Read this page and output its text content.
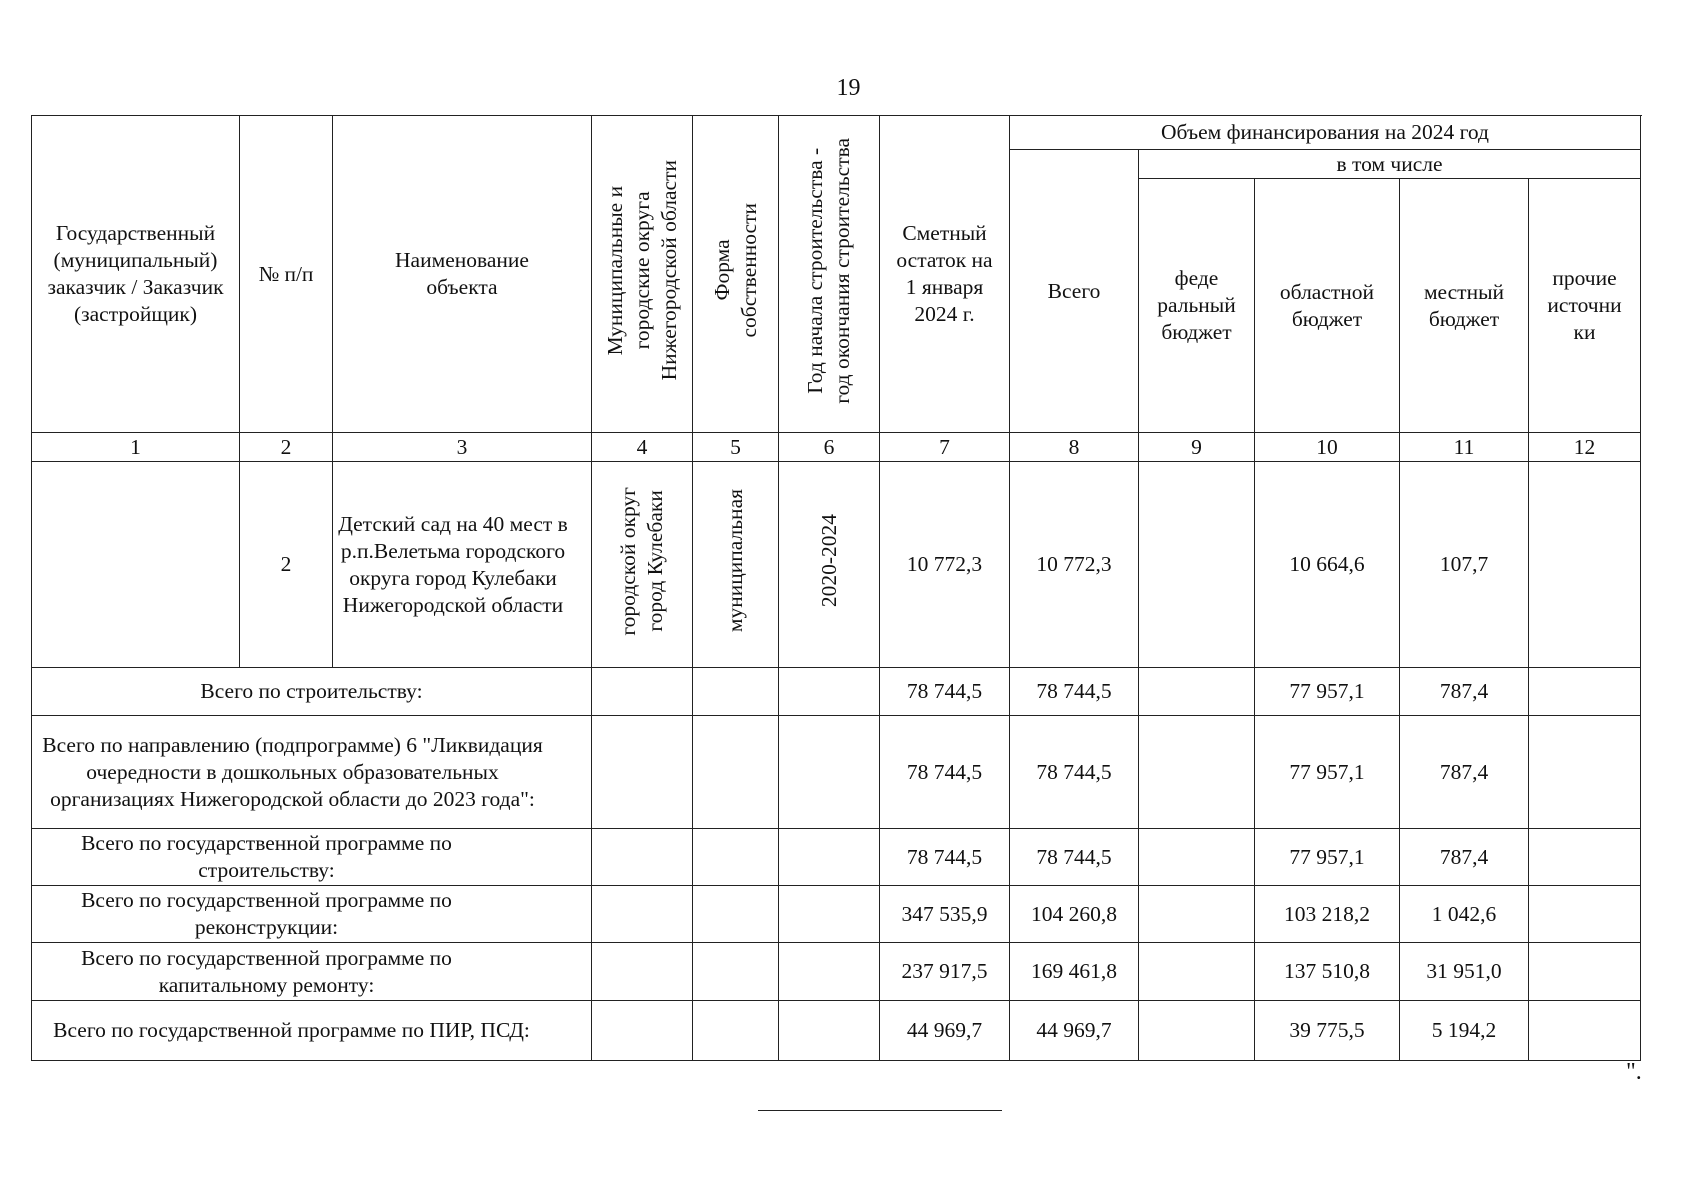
19
Государственный (муниципальный) заказчик / Заказчик (застройщик)	№ п/п	Наименование объекта	Муниципальные и городские округа Нижегородской области	Форма собственности	Год начала строительства - год окончания строительства	Сметный остаток на 1 января 2024 г.	Объем финансирования на 2024 год				
							Всего	в том числе			
								феде ральный бюджет	областной бюджет	местный бюджет	прочие источни ки
1	2	3	4	5	6	7	8	9	10	11	12
	2	Детский сад на 40 мест в р.п.Велетьма городского округа город Кулебаки Нижегородской области	городской округ город Кулебаки	муниципальная	2020-2024	10 772,3	10 772,3		10 664,6	107,7	
Всего по строительству:						78 744,5	78 744,5		77 957,1	787,4	
Всего по направлению (подпрограмме) 6 "Ликвидация очередности в дошкольных образовательных организациях Нижегородской области до 2023 года":						78 744,5	78 744,5		77 957,1	787,4	
Всего по государственной программе по строительству:						78 744,5	78 744,5		77 957,1	787,4	
Всего по государственной программе по реконструкции:						347 535,9	104 260,8		103 218,2	1 042,6	
Всего по государственной программе по капитальному ремонту:						237 917,5	169 461,8		137 510,8	31 951,0	
Всего по государственной программе по ПИР, ПСД:						44 969,7	44 969,7		39 775,5	5 194,2	
".
